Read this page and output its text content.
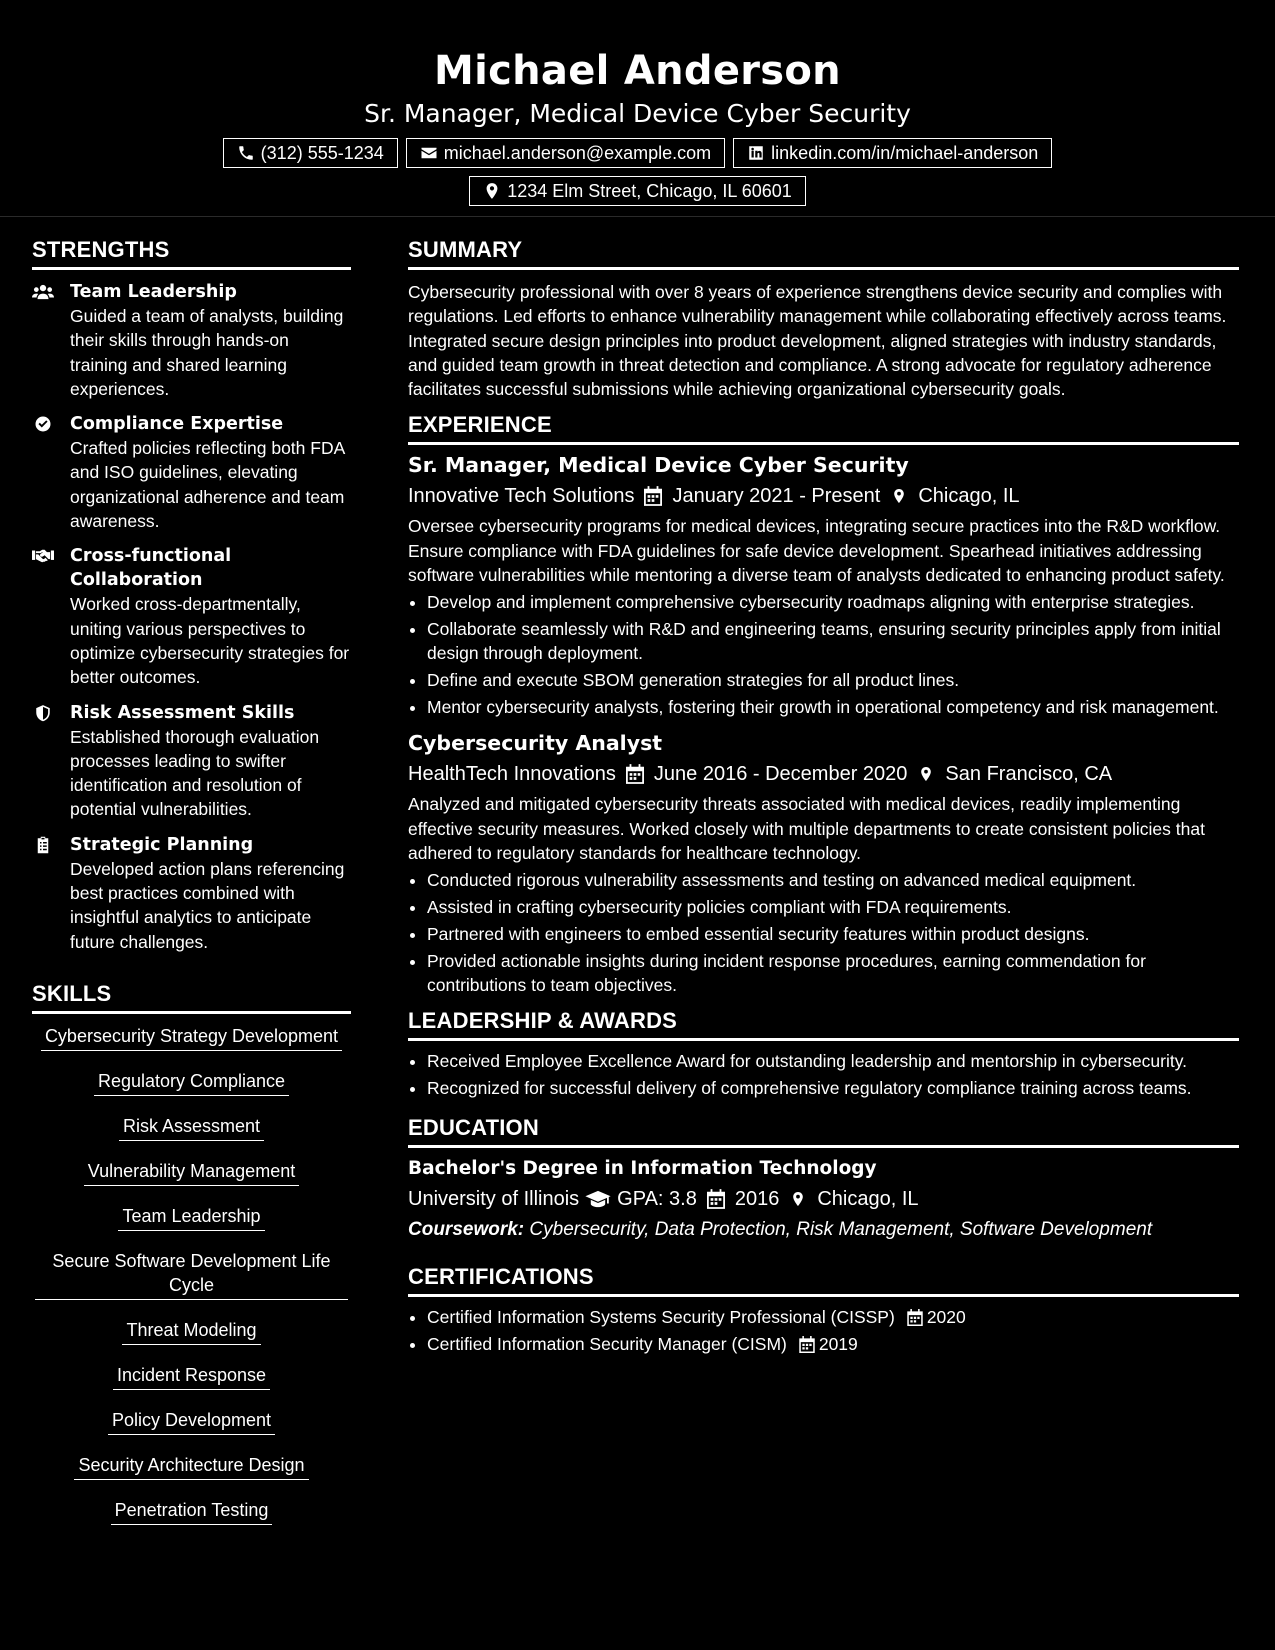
Michael Anderson
Sr. Manager, Medical Device Cyber Security
(312) 555-1234	michael.anderson@example.com	linkedin.com/in/michael-anderson
1234 Elm Street, Chicago, IL 60601
STRENGTHS
Team Leadership
Guided a team of analysts, building their skills through hands-on training and shared learning experiences.
Compliance Expertise
Crafted policies reflecting both FDA and ISO guidelines, elevating organizational adherence and team awareness.
Cross-functional Collaboration
Worked cross-departmentally, uniting various perspectives to optimize cybersecurity strategies for better outcomes.
Risk Assessment Skills
Established thorough evaluation processes leading to swifter identification and resolution of potential vulnerabilities.
Strategic Planning
Developed action plans referencing best practices combined with insightful analytics to anticipate future challenges.
SKILLS
Cybersecurity Strategy Development
Regulatory Compliance
Risk Assessment
Vulnerability Management
Team Leadership
Secure Software Development Life Cycle
Threat Modeling
Incident Response
Policy Development
Security Architecture Design
Penetration Testing
SUMMARY
Cybersecurity professional with over 8 years of experience strengthens device security and complies with regulations. Led efforts to enhance vulnerability management while collaborating effectively across teams. Integrated secure design principles into product development, aligned strategies with industry standards, and guided team growth in threat detection and compliance. A strong advocate for regulatory adherence facilitates successful submissions while achieving organizational cybersecurity goals.
EXPERIENCE
Sr. Manager, Medical Device Cyber Security
Innovative Tech Solutions January 2021 - Present Chicago, IL
Oversee cybersecurity programs for medical devices, integrating secure practices into the R&D workflow. Ensure compliance with FDA guidelines for safe device development. Spearhead initiatives addressing software vulnerabilities while mentoring a diverse team of analysts dedicated to enhancing product safety.
• Develop and implement comprehensive cybersecurity roadmaps aligning with enterprise strategies.
• Collaborate seamlessly with R&D and engineering teams, ensuring security principles apply from initial design through deployment.
• Define and execute SBOM generation strategies for all product lines.
• Mentor cybersecurity analysts, fostering their growth in operational competency and risk management.
Cybersecurity Analyst
HealthTech Innovations June 2016 - December 2020 San Francisco, CA
Analyzed and mitigated cybersecurity threats associated with medical devices, readily implementing effective security measures. Worked closely with multiple departments to create consistent policies that adhered to regulatory standards for healthcare technology.
• Conducted rigorous vulnerability assessments and testing on advanced medical equipment.
• Assisted in crafting cybersecurity policies compliant with FDA requirements.
• Partnered with engineers to embed essential security features within product designs.
• Provided actionable insights during incident response procedures, earning commendation for contributions to team objectives.
LEADERSHIP & AWARDS
• Received Employee Excellence Award for outstanding leadership and mentorship in cybersecurity.
• Recognized for successful delivery of comprehensive regulatory compliance training across teams.
EDUCATION
Bachelor's Degree in Information Technology
University of Illinois GPA: 3.8 2016 Chicago, IL
Coursework: Cybersecurity, Data Protection, Risk Management, Software Development
CERTIFICATIONS
• Certified Information Systems Security Professional (CISSP) 2020
• Certified Information Security Manager (CISM) 2019
